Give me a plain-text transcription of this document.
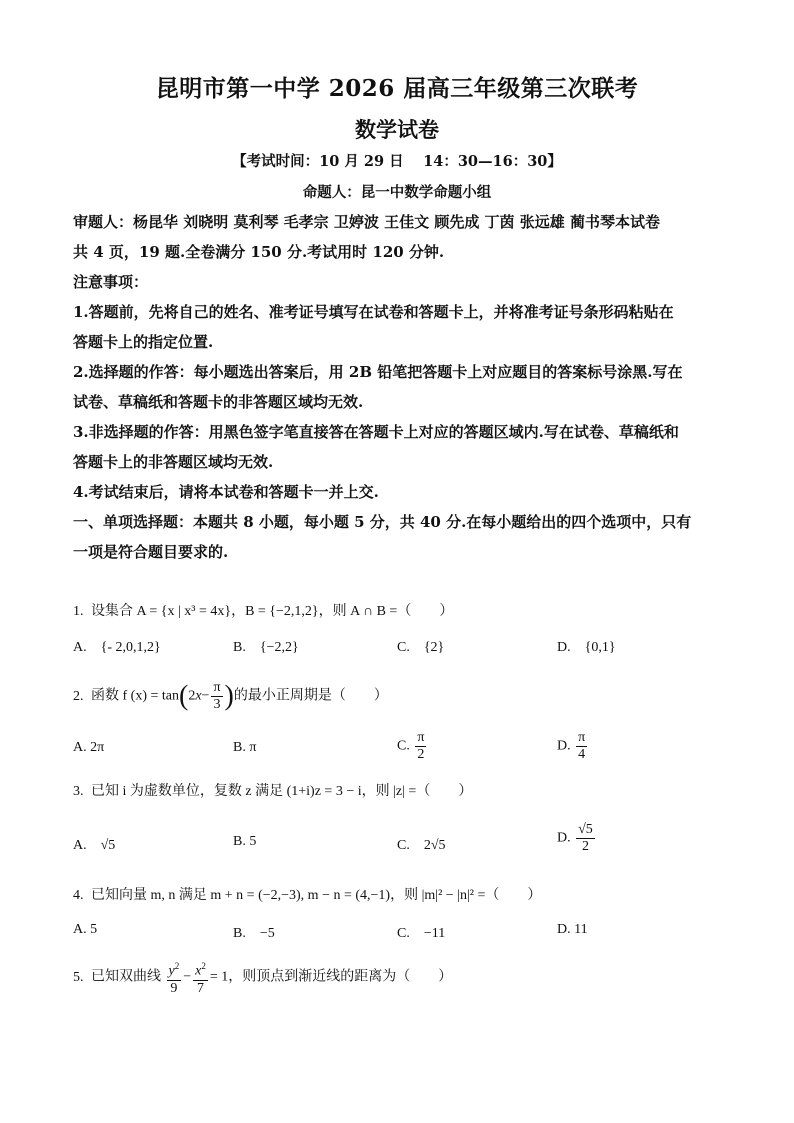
昆明市第一中学 2026 届高三年级第三次联考
数学试卷
【考试时间：10 月 29 日　 14：30—16：30】
命题人：昆一中数学命题小组
审题人：杨昆华 刘晓明 莫利琴 毛孝宗 卫婷波 王佳文 顾先成 丁茵 张远雄 蔺书琴本试卷
共 4 页，19 题.全卷满分 150 分.考试用时 120 分钟.
注意事项：
1.答题前，先将自己的姓名、准考证号填写在试卷和答题卡上，并将准考证号条形码粘贴在
答题卡上的指定位置.
2.选择题的作答：每小题选出答案后，用 2B 铅笔把答题卡上对应题目的答案标号涂黑.写在
试卷、草稿纸和答题卡的非答题区域均无效.
3.非选择题的作答：用黑色签字笔直接答在答题卡上对应的答题区域内.写在试卷、草稿纸和
答题卡上的非答题区域均无效.
4.考试结束后，请将本试卷和答题卡一并上交.
一、单项选择题：本题共 8 小题，每小题 5 分，共 40 分.在每小题给出的四个选项中，只有
一项是符合题目要求的.
1. 设集合 A = {x | x³ = 4x}，B = {−2,1,2}，则 A ∩ B =（　　）
A.　{- 2,0,1,2}	B.　{−2,2}	C.　{2}	D.　{0,1}
2. 函数 f $(x) = \tan(2x- \frac{\pi}{3}$ )的最小正周期是（　　）
A. 2π	B. π	C. $\frac{\pi}{2}$	D. $\frac{\pi}{4}$
3. 已知 i 为虚数单位，复数 z 满足 (1+i)z = 3 − i，则 |z| =（　　）
A.　√5	B. 5	C.　2√5	D. $\frac{√5}{2}$
4. 已知向量 m, n 满足 m + n = (−2,−3), m − n = (4,−1)，则 |m|² − |n|² =（　　）
A. 5	B.　−5	C.　−11	D. 11
5. 已知双曲线 $\frac{y^2}{9} - \frac{x^2}{7} = 1$，则顶点到渐近线的距离为（　　）
